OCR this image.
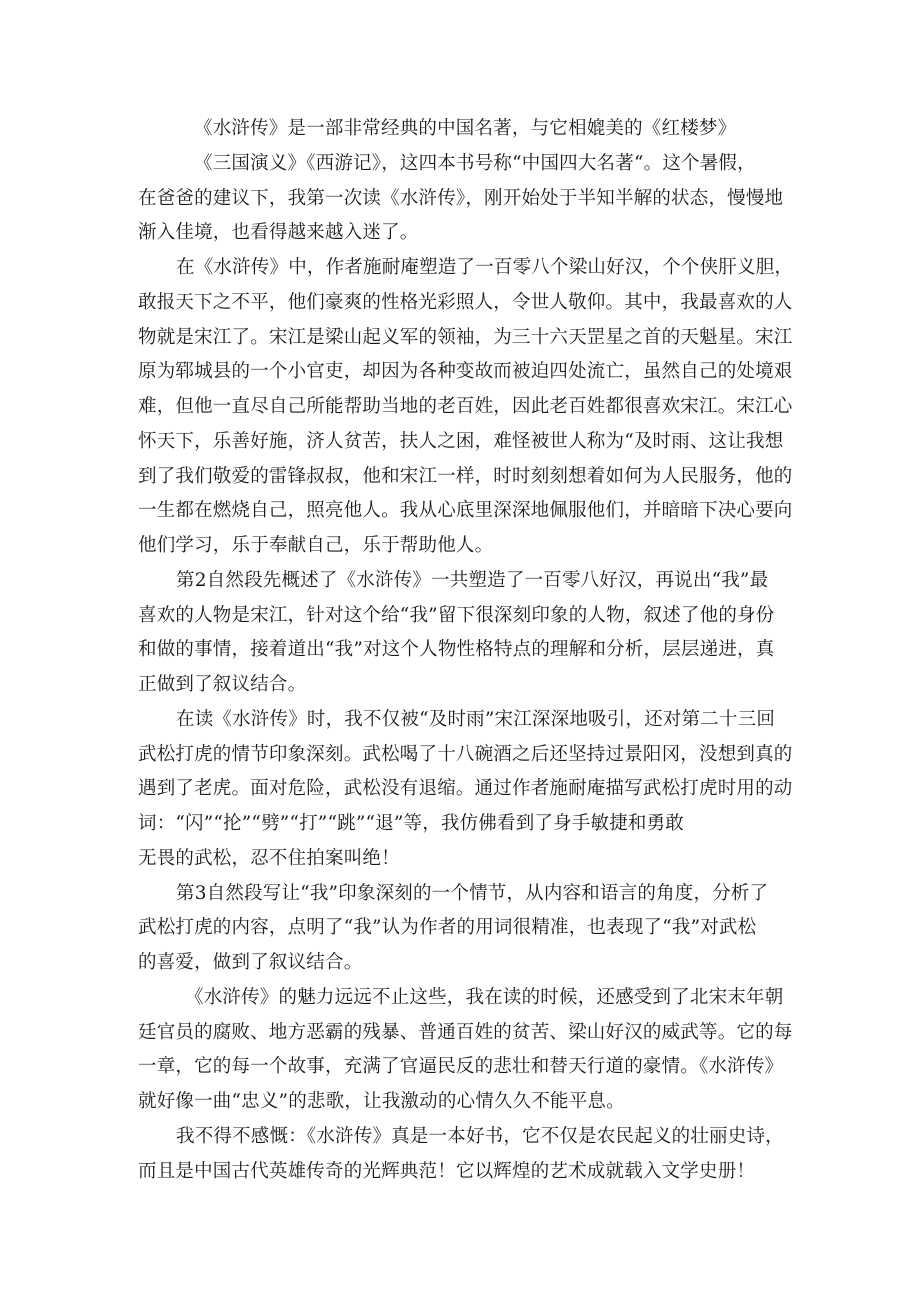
《水浒传》是一部非常经典的中国名著，与它相媲美的《红楼梦》
《三国演义》《西游记》，这四本书号称“中国四大名著“。这个暑假，
在爸爸的建议下，我第一次读《水浒传》，刚开始处于半知半解的状态，慢慢地
渐入佳境，也看得越来越入迷了。
在《水浒传》中，作者施耐庵塑造了一百零八个梁山好汉，个个侠肝义胆，
敢报天下之不平，他们豪爽的性格光彩照人，令世人敬仰。其中，我最喜欢的人
物就是宋江了。宋江是梁山起义军的领袖，为三十六天罡星之首的天魁星。宋江
原为郓城县的一个小官吏，却因为各种变故而被迫四处流亡，虽然自己的处境艰
难，但他一直尽自己所能帮助当地的老百姓，因此老百姓都很喜欢宋江。宋江心
怀天下，乐善好施，济人贫苦，扶人之困，难怪被世人称为“及时雨、这让我想
到了我们敬爱的雷锋叔叔，他和宋江一样，时时刻刻想着如何为人民服务，他的
一生都在燃烧自己，照亮他人。我从心底里深深地佩服他们，并暗暗下决心要向
他们学习，乐于奉献自己，乐于帮助他人。
第2自然段先概述了《水浒传》一共塑造了一百零八好汉，再说出“我”最
喜欢的人物是宋江，针对这个给“我”留下很深刻印象的人物，叙述了他的身份
和做的事情，接着道出“我”对这个人物性格特点的理解和分析，层层递进，真
正做到了叙议结合。
在读《水浒传》时，我不仅被“及时雨”宋江深深地吸引，还对第二十三回
武松打虎的情节印象深刻。武松喝了十八碗酒之后还坚持过景阳冈，没想到真的
遇到了老虎。面对危险，武松没有退缩。通过作者施耐庵描写武松打虎时用的动
词：“闪”“抡”“劈”“打”“跳”“退”等，我仿佛看到了身手敏捷和勇敢
无畏的武松，忍不住拍案叫绝！
第3自然段写让“我”印象深刻的一个情节，从内容和语言的角度，分析了
武松打虎的内容，点明了“我”认为作者的用词很精准，也表现了“我”对武松
的喜爱，做到了叙议结合。
《水浒传》的魅力远远不止这些，我在读的时候，还感受到了北宋末年朝
廷官员的腐败、地方恶霸的残暴、普通百姓的贫苦、梁山好汉的威武等。它的每
一章，它的每一个故事，充满了官逼民反的悲壮和替天行道的豪情。《水浒传》
就好像一曲“忠义”的悲歌，让我激动的心情久久不能平息。
我不得不感慨：《水浒传》真是一本好书，它不仅是农民起义的壮丽史诗，
而且是中国古代英雄传奇的光辉典范！它以辉煌的艺术成就载入文学史册！
